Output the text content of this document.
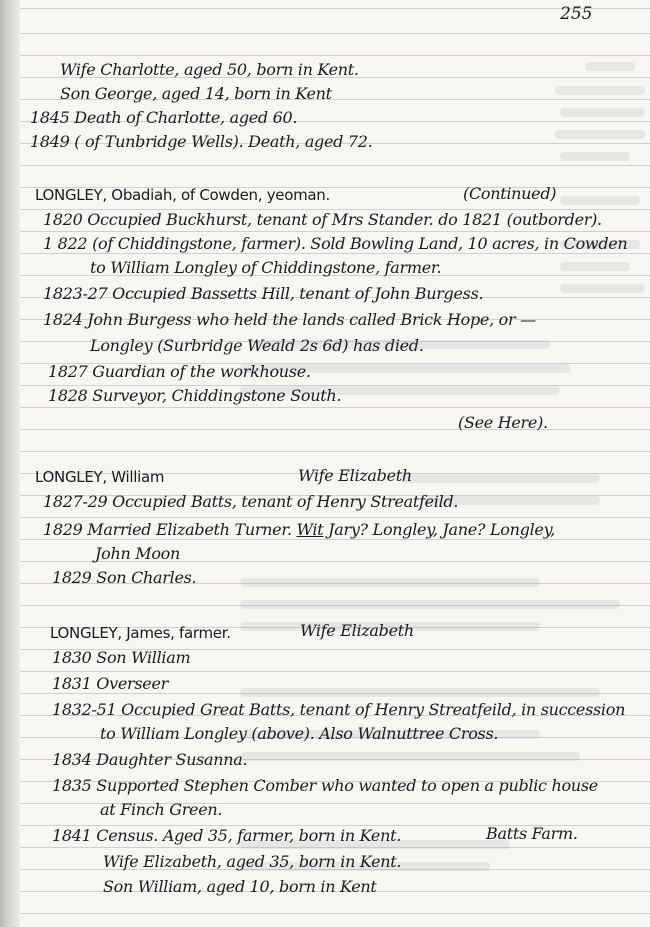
255
Wife Charlotte, aged 50, born in Kent.
Son George, aged 14, born in Kent
1845 Death of Charlotte, aged 60.
1849 ( of Tunbridge Wells). Death, aged 72.
LONGLEY, Obadiah, of Cowden, yeoman.	(Continued)
1820 Occupied Buckhurst, tenant of Mrs Stander. do 1821 (outborder).
1 822 (of Chiddingstone, farmer). Sold Bowling Land, 10 acres, in Cowden
to William Longley of Chiddingstone, farmer.
1823-27 Occupied Bassetts Hill, tenant of John Burgess.
1824 John Burgess who held the lands called Brick Hope, or —
Longley (Surbridge Weald 2s 6d) has died.
1827 Guardian of the workhouse.
1828 Surveyor, Chiddingstone South.
(See Here).
LONGLEY, William	Wife Elizabeth
1827-29 Occupied Batts, tenant of Henry Streatfeild.
1829 Married Elizabeth Turner. Wit Jary? Longley, Jane? Longley,
John Moon
1829 Son Charles.
LONGLEY, James, farmer.	Wife Elizabeth
1830 Son William
1831 Overseer
1832-51 Occupied Great Batts, tenant of Henry Streatfeild, in succession
to William Longley (above). Also Walnuttree Cross.
1834 Daughter Susanna.
1835 Supported Stephen Comber who wanted to open a public house
at Finch Green.
1841 Census. Aged 35, farmer, born in Kent.	Batts Farm.
Wife Elizabeth, aged 35, born in Kent.
Son William, aged 10, born in Kent
